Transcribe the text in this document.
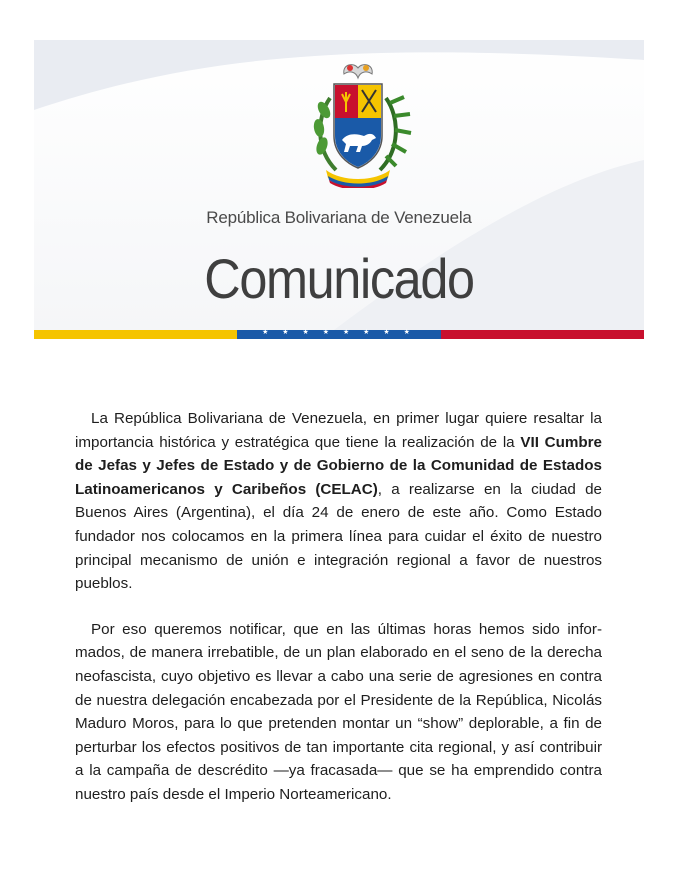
República Bolivariana de Venezuela
Comunicado
★ ★ ★ ★ ★ ★ ★ ★

La República Bolivariana de Venezuela, en primer lugar quiere resaltar la importancia histórica y estratégica que tiene la realización de la VII Cumbre de Jefas y Jefes de Estado y de Gobierno de la Comunidad de Estados Latinoamericanos y Caribeños (CELAC), a realizarse en la ciudad de Buenos Aires (Argentina), el día 24 de enero de este año. Como Estado fundador nos colocamos en la primera línea para cuidar el éxito de nuestro principal mecanismo de unión e integración regional a favor de nuestros pueblos.

Por eso queremos notificar, que en las últimas horas hemos sido informados, de manera irrebatible, de un plan elaborado en el seno de la derecha neofascista, cuyo objetivo es llevar a cabo una serie de agresiones en contra de nuestra delegación encabezada por el Presidente de la República, Nicolás Maduro Moros, para lo que pretenden montar un “show” deplorable, a fin de perturbar los efectos positivos de tan importante cita regional, y así contribuir a la campaña de descrédito —ya fracasada— que se ha emprendido contra nuestro país desde el Imperio Norteamericano.
